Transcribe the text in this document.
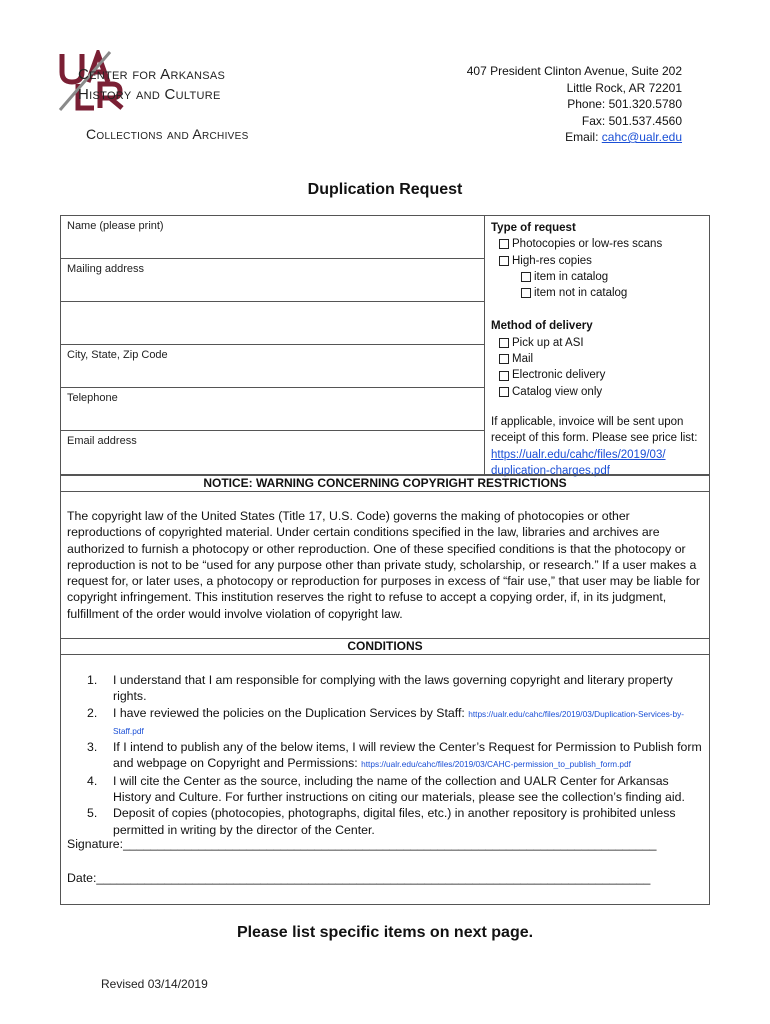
Center for Arkansas
History and Culture
Collections and Archives
407 President Clinton Avenue, Suite 202
Little Rock, AR 72201
Phone: 501.320.5780
Fax: 501.537.4560
Email: cahc@ualr.edu
Duplication Request
Name (please print)
Mailing address
City, State, Zip Code
Telephone
Email address
Type of request
Photocopies or low-res scans
High-res copies
item in catalog
item not in catalog
Method of delivery
Pick up at ASI
Mail
Electronic delivery
Catalog view only
If applicable, invoice will be sent upon receipt of this form. Please see price list:
https://ualr.edu/cahc/files/2019/03/
duplication-charges.pdf
NOTICE: WARNING CONCERNING COPYRIGHT RESTRICTIONS
The copyright law of the United States (Title 17, U.S. Code) governs the making of photocopies or other reproductions of copyrighted material. Under certain conditions specified in the law, libraries and archives are authorized to furnish a photocopy or other reproduction. One of these specified conditions is that the photocopy or reproduction is not to be “used for any purpose other than private study, scholarship, or research.” If a user makes a request for, or later uses, a photocopy or reproduction for purposes in excess of “fair use,” that user may be liable for copyright infringement. This institution reserves the right to refuse to accept a copying order, if, in its judgment, fulfillment of the order would involve violation of copyright law.
CONDITIONS
1. I understand that I am responsible for complying with the laws governing copyright and literary property rights.
2. I have reviewed the policies on the Duplication Services by Staff: https://ualr.edu/cahc/files/2019/03/Duplication-Services-by-Staff.pdf
3. If I intend to publish any of the below items, I will review the Center’s Request for Permission to Publish form and webpage on Copyright and Permissions: https://ualr.edu/cahc/files/2019/03/CAHC-permission_to_publish_form.pdf
4. I will cite the Center as the source, including the name of the collection and UALR Center for Arkansas History and Culture. For further instructions on citing our materials, please see the collection’s finding aid.
5. Deposit of copies (photocopies, photographs, digital files, etc.) in another repository is prohibited unless permitted in writing by the director of the Center.
Signature:______________________________________________________________________________
Date:_________________________________________________________________________________
Please list specific items on next page.
Revised 03/14/2019
